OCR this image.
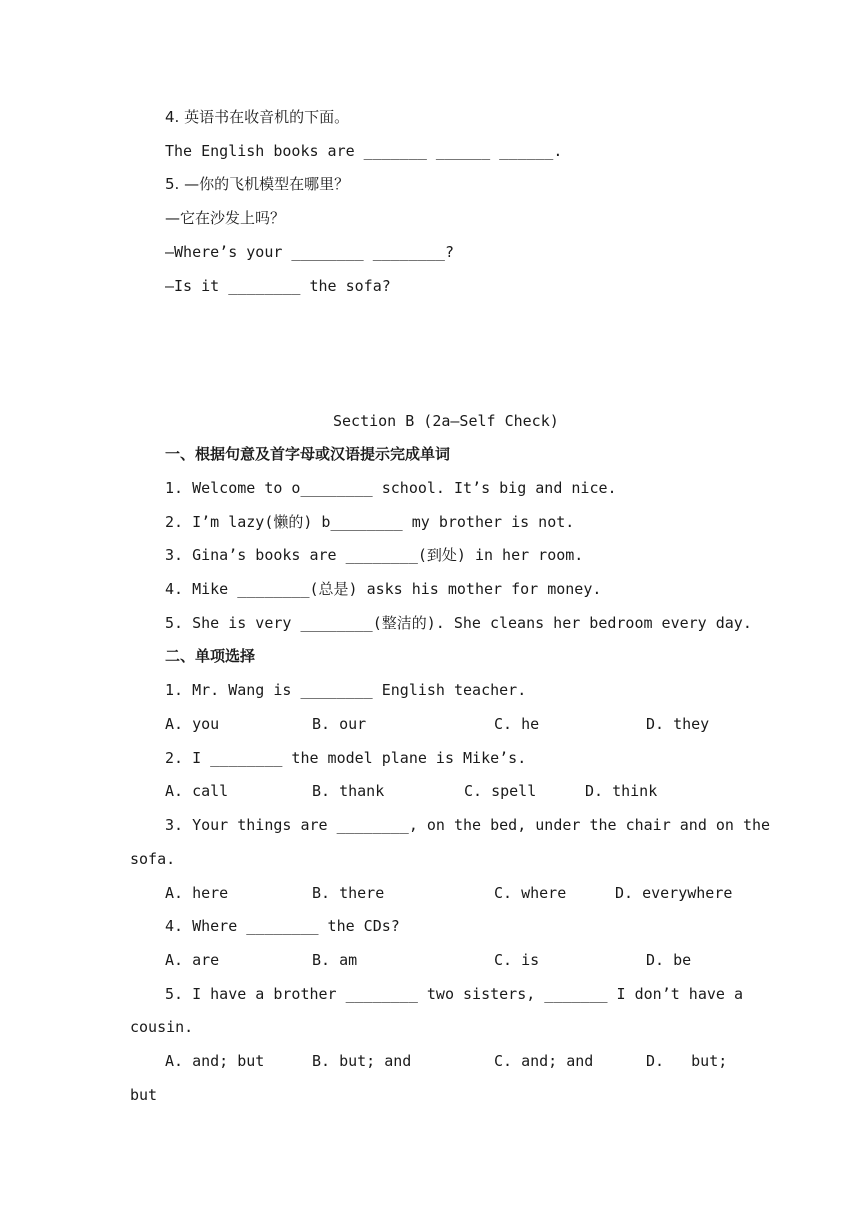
4. 英语书在收音机的下面。
The English books are _______ ______ ______.
5. —你的飞机模型在哪里？
—它在沙发上吗？
—Where’s your ________ ________?
—Is it ________ the sofa?
Section B (2a—Self Check)
一、根据句意及首字母或汉语提示完成单词
1. Welcome to o________ school. It’s big and nice.
2. I’m lazy(懒的) b________ my brother is not.
3. Gina’s books are ________(到处) in her room.
4. Mike ________(总是) asks his mother for money.
5. She is very ________(整洁的). She cleans her bedroom every day.
二、单项选择
1. Mr. Wang is ________ English teacher.
A. you	B. our	C. he	D. they
2. I ________ the model plane is Mike’s.
A. call	B. thank	C. spell	D. think
3. Your things are ________, on the bed, under the chair and on the
sofa.
A. here	B. there	C. where	D. everywhere
4. Where ________ the CDs?
A. are	B. am	C. is	D. be
5. I have a brother ________ two sisters, _______ I don’t have a
cousin.
A. and; but	B. but; and	C. and; and	D.   but;
but
